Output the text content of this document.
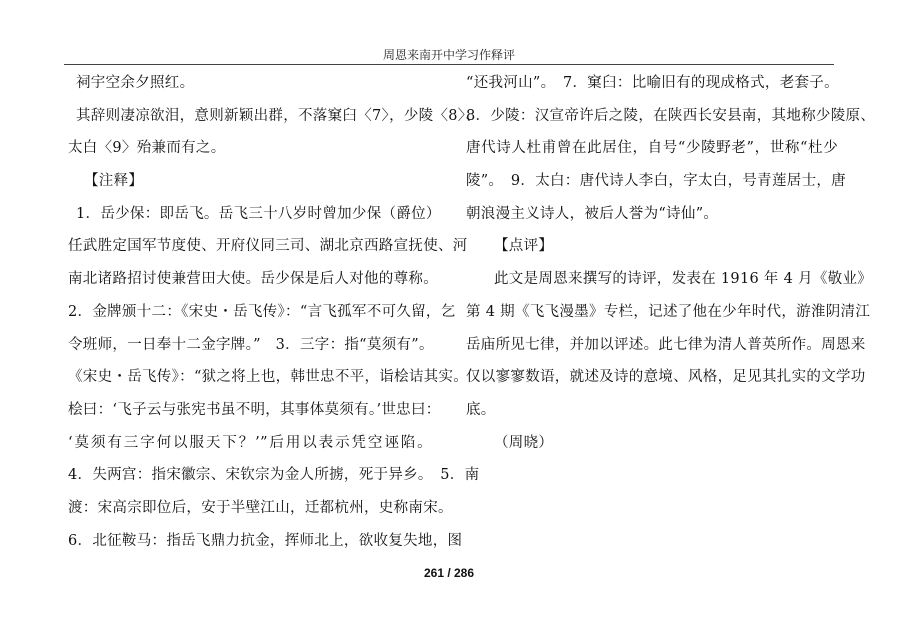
周恩来南开中学习作释评
祠宇空余夕照红。
其辞则凄凉欲泪，意则新颖出群，不落窠臼〈7〉，少陵〈8〉、
太白〈9〉殆兼而有之。
【注释】
1．岳少保：即岳飞。岳飞三十八岁时曾加少保（爵位）
任武胜定国军节度使、开府仪同三司、湖北京西路宣抚使、河
南北诸路招讨使兼营田大使。岳少保是后人对他的尊称。
2．金牌颁十二：《宋史・岳飞传》：“言飞孤军不可久留，乞
令班师，一日奉十二金字牌。”　3．三字：指“莫须有”。
《宋史・岳飞传》：“狱之将上也，韩世忠不平，诣桧诘其实。
桧曰：‘飞子云与张宪书虽不明，其事体莫须有。’世忠曰：
‘莫须有三字何以服天下？’”后用以表示凭空诬陷。
4．失两宫：指宋徽宗、宋钦宗为金人所掳，死于异乡。　5．南
渡：宋高宗即位后，安于半壁江山，迁都杭州，史称南宋。
6．北征鞍马：指岳飞鼎力抗金，挥师北上，欲收复失地，图
“还我河山”。　7．窠臼：比喻旧有的现成格式，老套子。
8．少陵：汉宣帝许后之陵，在陕西长安县南，其地称少陵原、
唐代诗人杜甫曾在此居住，自号“少陵野老”，世称“杜少
陵”。　9．太白：唐代诗人李白，字太白，号青莲居士，唐
朝浪漫主义诗人，被后人誉为“诗仙”。
【点评】
此文是周恩来撰写的诗评，发表在 1916 年 4 月《敬业》
第 4 期《飞飞漫墨》专栏，记述了他在少年时代，游淮阴清江
岳庙所见七律，并加以评述。此七律为清人普英所作。周恩来
仅以寥寥数语，就述及诗的意境、风格，足见其扎实的文学功
底。
（周晓）
261 / 286
